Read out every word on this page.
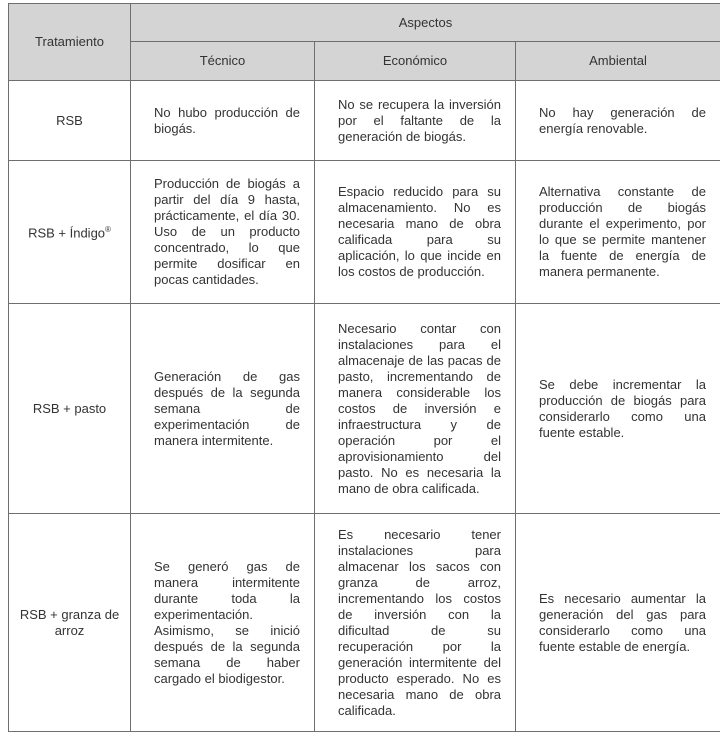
Tratamiento	Aspectos		
	Técnico	Económico	Ambiental
RSB	No hubo producción de biogás.	No se recupera la inversión por el faltante de la generación de biogás.	No hay generación de energía renovable.

RSB + Índigo®	Producción de biogás a partir del día 9 hasta, prácticamente, el día 30. Uso de un producto concentrado, lo que permite dosificar en pocas cantidades.	Espacio reducido para su almacenamiento. No es necesaria mano de obra calificada para su aplicación, lo que incide en los costos de producción.	Alternativa constante de producción de biogás durante el experimento, por lo que se permite mantener la fuente de energía de manera permanente.

RSB + pasto	Generación de gas después de la segunda semana de experimentación de manera intermitente.	Necesario contar con instalaciones para el almacenaje de las pacas de pasto, incrementando de manera considerable los costos de inversión e infraestructura y de operación por el aprovisionamiento del pasto. No es necesaria la mano de obra calificada.	Se debe incrementar la producción de biogás para considerarlo como una fuente estable.

RSB + granza de arroz	Se generó gas de manera intermitente durante toda la experimentación. Asimismo, se inició después de la segunda semana de haber cargado el biodigestor.	Es necesario tener instalaciones para almacenar los sacos con granza de arroz, incrementando los costos de inversión con la dificultad de su recuperación por la generación intermitente del producto esperado. No es necesaria mano de obra calificada.	Es necesario aumentar la generación del gas para considerarlo como una fuente estable de energía.
